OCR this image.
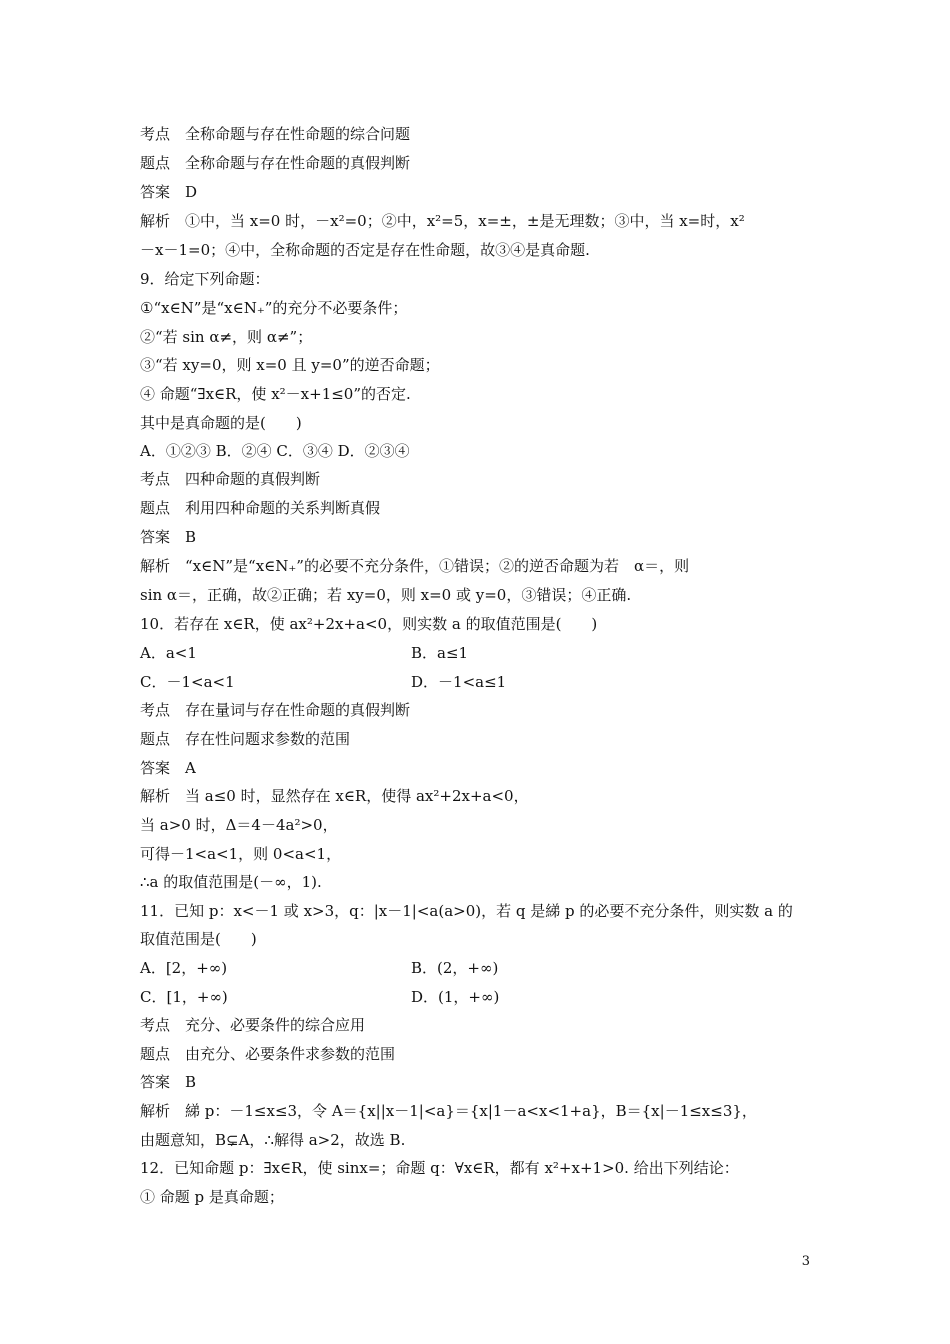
考点　全称命题与存在性命题的综合问题
题点　全称命题与存在性命题的真假判断
答案　D
解析　①中，当 x=0 时，－x²=0；②中，x²=5，x=±，±是无理数；③中，当 x=时，x²
－x－1=0；④中，全称命题的否定是存在性命题，故③④是真命题.
9．给定下列命题：
①“x∈N”是“x∈N₊”的充分不必要条件；
②“若 sin α≠，则 α≠”；
③“若 xy=0，则 x=0 且 y=0”的逆否命题；
④ 命题“∃x∈R，使 x²－x+1≤0”的否定.
其中是真命题的是(　　)
A．①②③ B．②④ C．③④ D．②③④
考点　四种命题的真假判断
题点　利用四种命题的关系判断真假
答案　B
解析　“x∈N”是“x∈N₊”的必要不充分条件，①错误；②的逆否命题为若　α＝，则
sin α＝，正确，故②正确；若 xy=0，则 x=0 或 y=0，③错误；④正确.
10．若存在 x∈R，使 ax²+2x+a<0，则实数 a 的取值范围是(　　)
A．a<1	B．a≤1
C．－1<a<1	D．－1<a≤1
考点　存在量词与存在性命题的真假判断
题点　存在性问题求参数的范围
答案　A
解析　当 a≤0 时，显然存在 x∈R，使得 ax²+2x+a<0，
当 a>0 时，Δ＝4－4a²>0，
可得－1<a<1，则 0<a<1，
∴a 的取值范围是(－∞，1).
11．已知 p：x<－1 或 x>3，q：|x－1|<a(a>0)，若 q 是綈 p 的必要不充分条件，则实数 a 的
取值范围是(　　)
A．[2，+∞)	B．(2，+∞)
C．[1，+∞)	D．(1，+∞)
考点　充分、必要条件的综合应用
题点　由充分、必要条件求参数的范围
答案　B
解析　綈 p：－1≤x≤3，令 A＝{x||x－1|<a}＝{x|1－a<x<1+a}，B＝{x|－1≤x≤3}，
由题意知，B⊊A，∴解得 a>2，故选 B.
12．已知命题 p：∃x∈R，使 sinx=；命题 q：∀x∈R，都有 x²+x+1>0. 给出下列结论：
① 命题 p 是真命题；
3
